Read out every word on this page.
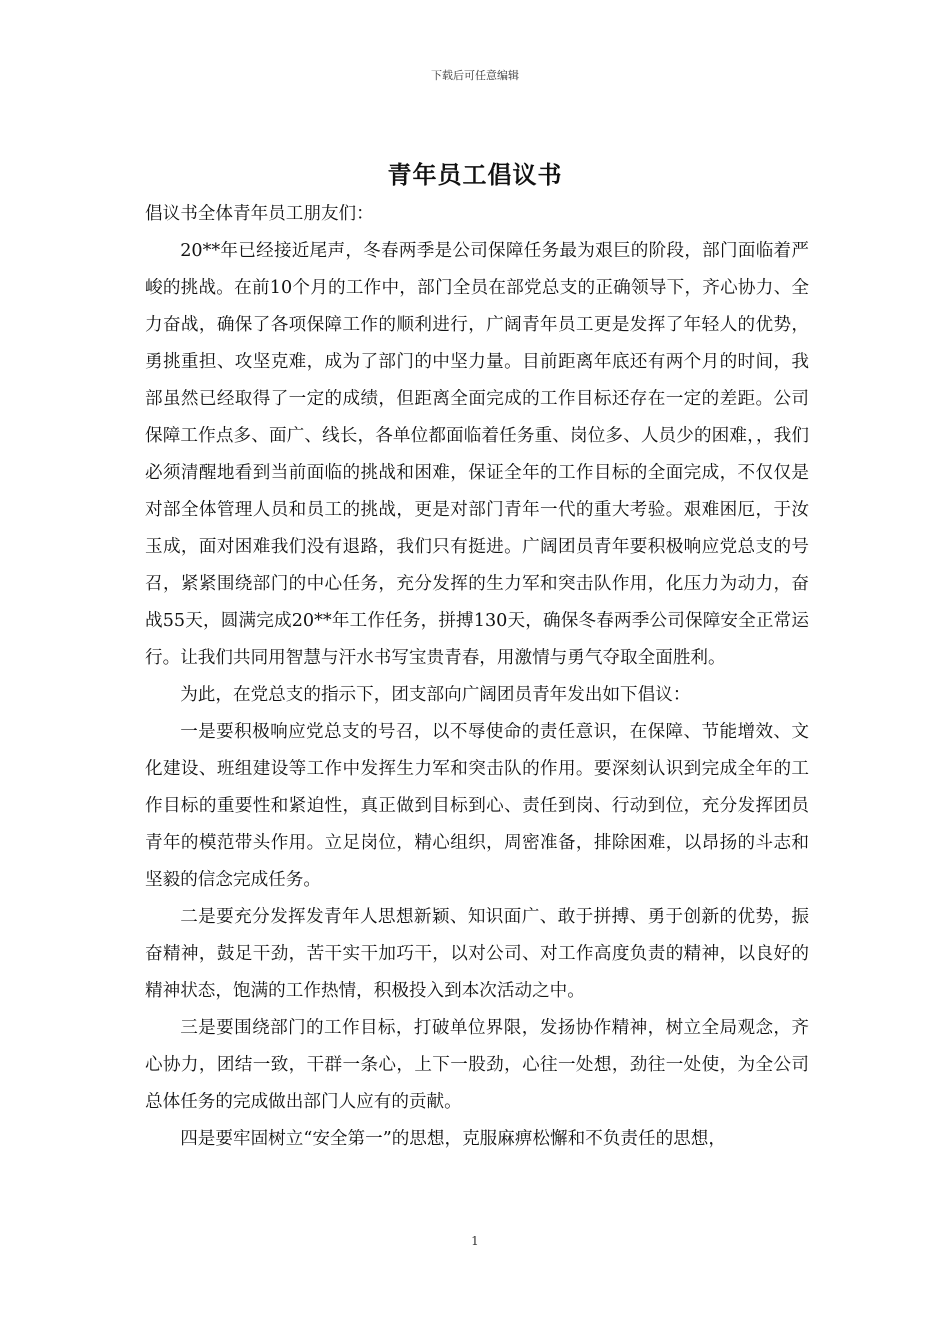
下载后可任意编辑
青年员工倡议书

倡议书全体青年员工朋友们：

20**年已经接近尾声，冬春两季是公司保障任务最为艰巨的阶段，部门面临着严峻的挑战。在前10个月的工作中，部门全员在部党总支的正确领导下，齐心协力、全力奋战，确保了各项保障工作的顺利进行，广阔青年员工更是发挥了年轻人的优势，勇挑重担、攻坚克难，成为了部门的中坚力量。目前距离年底还有两个月的时间，我部虽然已经取得了一定的成绩，但距离全面完成的工作目标还存在一定的差距。公司保障工作点多、面广、线长，各单位都面临着任务重、岗位多、人员少的困难，，我们必须清醒地看到当前面临的挑战和困难，保证全年的工作目标的全面完成，不仅仅是对部全体管理人员和员工的挑战，更是对部门青年一代的重大考验。艰难困厄，于汝玉成，面对困难我们没有退路，我们只有挺进。广阔团员青年要积极响应党总支的号召，紧紧围绕部门的中心任务，充分发挥的生力军和突击队作用，化压力为动力，奋战55天，圆满完成20**年工作任务，拼搏130天，确保冬春两季公司保障安全正常运行。让我们共同用智慧与汗水书写宝贵青春，用激情与勇气夺取全面胜利。

为此，在党总支的指示下，团支部向广阔团员青年发出如下倡议：

一是要积极响应党总支的号召，以不辱使命的责任意识，在保障、节能增效、文化建设、班组建设等工作中发挥生力军和突击队的作用。要深刻认识到完成全年的工作目标的重要性和紧迫性，真正做到目标到心、责任到岗、行动到位，充分发挥团员青年的模范带头作用。立足岗位，精心组织，周密准备，排除困难，以昂扬的斗志和坚毅的信念完成任务。

二是要充分发挥发青年人思想新颖、知识面广、敢于拼搏、勇于创新的优势，振奋精神，鼓足干劲，苦干实干加巧干，以对公司、对工作高度负责的精神，以良好的精神状态，饱满的工作热情，积极投入到本次活动之中。

三是要围绕部门的工作目标，打破单位界限，发扬协作精神，树立全局观念，齐心协力，团结一致，干群一条心，上下一股劲，心往一处想，劲往一处使，为全公司总体任务的完成做出部门人应有的贡献。

四是要牢固树立“安全第一”的思想，克服麻痹松懈和不负责任的思想，

1
